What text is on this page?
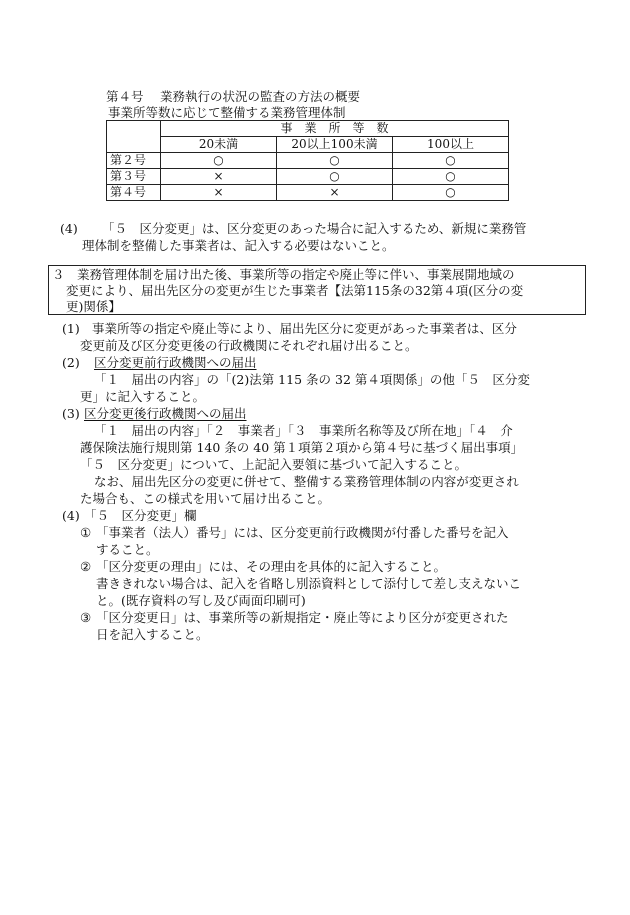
第４号　 業務執行の状況の監査の方法の概要
事業所等数に応じて整備する業務管理体制
	事　業　所　等　数		
	20未満	20以上100未満	100以上
第２号	○	○	○
第３号	×	○	○
第４号	×	×	○
(4) 「５　区分変更」は、区分変更のあった場合に記入するため、新規に業務管
理体制を整備した事業者は、記入する必要はないこと。
３　業務管理体制を届け出た後、事業所等の指定や廃止等に伴い、事業展開地域の
変更により、届出先区分の変更が生じた事業者【法第115条の32第４項(区分の変
更)関係】
(1) 事業所等の指定や廃止等により、届出先区分に変更があった事業者は、区分
変更前及び区分変更後の行政機関にそれぞれ届け出ること。
(2) 区分変更前行政機関への届出
「１　届出の内容」の「(2)法第 115 条の 32 第４項関係」の他「５　区分変
更」に記入すること。
(3) 区分変更後行政機関への届出
「１　届出の内容」「２　事業者」「３　事業所名称等及び所在地」「４　介
護保険法施行規則第 140 条の 40 第１項第２項から第４号に基づく届出事項」
「５　区分変更」について、上記記入要領に基づいて記入すること。
なお、届出先区分の変更に併せて、整備する業務管理体制の内容が変更され
た場合も、この様式を用いて届け出ること。
(4) 「５　区分変更」欄
① 「事業者（法人）番号」には、区分変更前行政機関が付番した番号を記入
すること。
② 「区分変更の理由」には、その理由を具体的に記入すること。
書ききれない場合は、記入を省略し別添資料として添付して差し支えないこ
と。(既存資料の写し及び両面印刷可)
③ 「区分変更日」は、事業所等の新規指定・廃止等により区分が変更された
日を記入すること。
